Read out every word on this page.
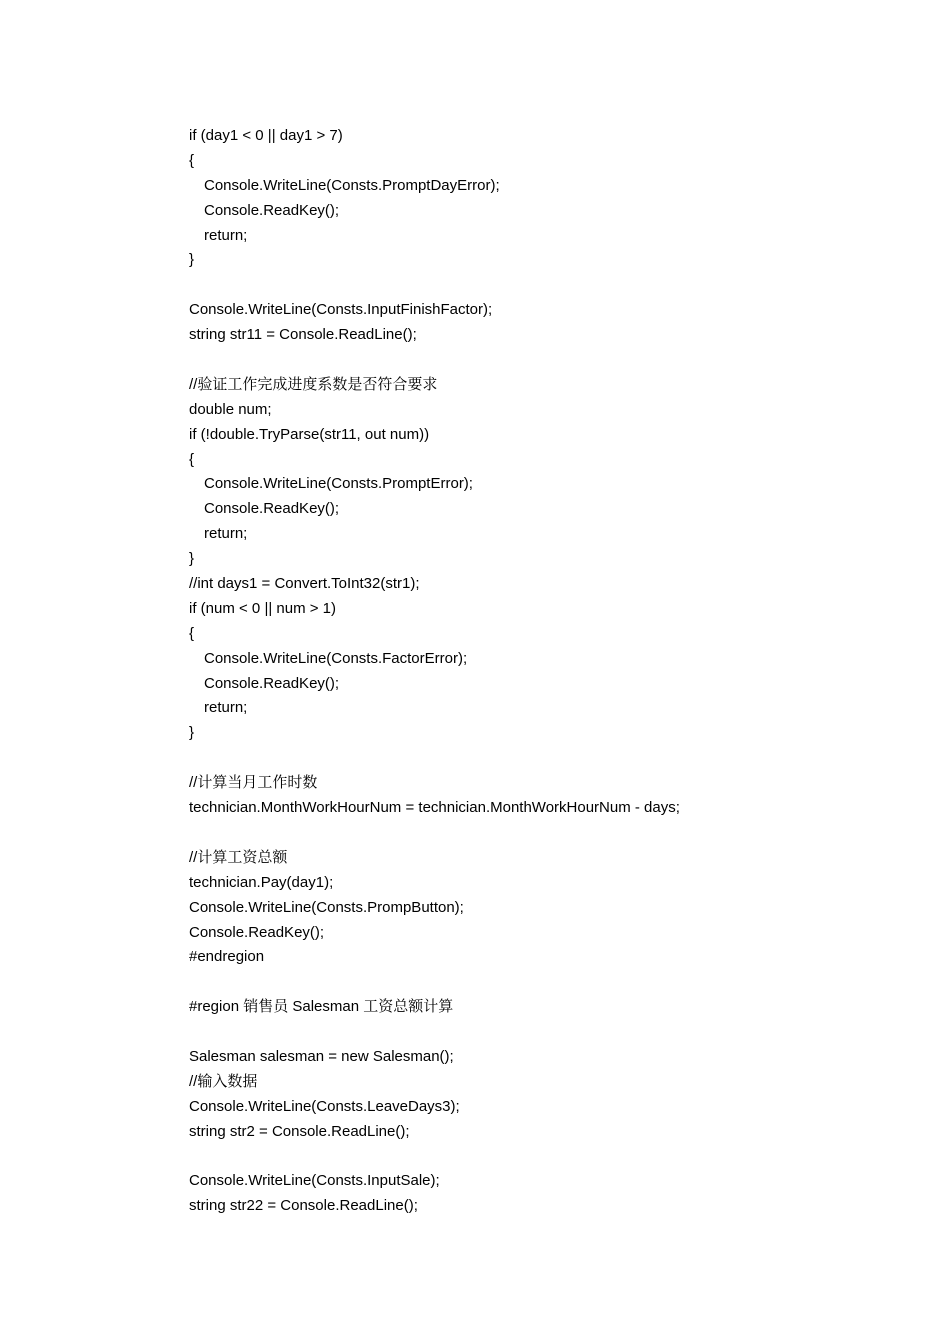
if (day1 < 0 || day1 > 7)
{
Console.WriteLine(Consts.PromptDayError);
Console.ReadKey();
return;
}
Console.WriteLine(Consts.InputFinishFactor);
string str11 = Console.ReadLine();
//验证工作完成进度系数是否符合要求
double num;
if (!double.TryParse(str11, out num))
{
Console.WriteLine(Consts.PromptError);
Console.ReadKey();
return;
}
//int days1 = Convert.ToInt32(str1);
if (num < 0 || num > 1)
{
Console.WriteLine(Consts.FactorError);
Console.ReadKey();
return;
}
//计算当月工作时数
technician.MonthWorkHourNum = technician.MonthWorkHourNum - days;
//计算工资总额
technician.Pay(day1);
Console.WriteLine(Consts.PrompButton);
Console.ReadKey();
#endregion
#region 销售员 Salesman 工资总额计算
Salesman salesman = new Salesman();
//输入数据
Console.WriteLine(Consts.LeaveDays3);
string str2 = Console.ReadLine();
Console.WriteLine(Consts.InputSale);
string str22 = Console.ReadLine();
